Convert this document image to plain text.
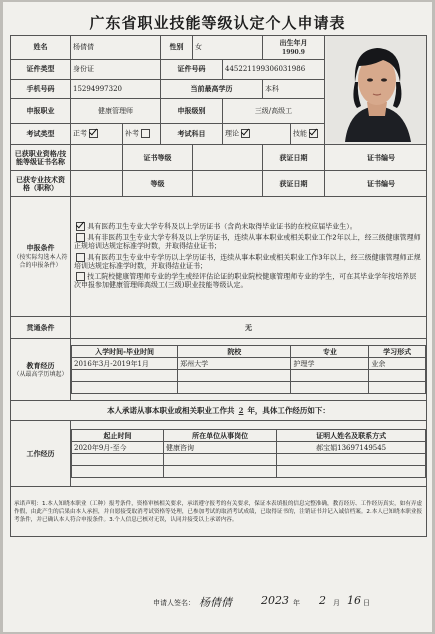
广东省职业技能等级认定个人申请表
姓名	杨倩倩	性别	女	出生年月
1990.9	
证件类型	身份证	证件号码	445221199306031986
手机号码	15294997320	当前最高学历	本科
申报职业	健康管理师	申报级别	三级/高级工
考试类型	正考	补考	考试科目	理论	技能
已获职业资格/技能等级证书名称		证书等级		获证日期	证书编号
已获专业技术资格（职称）		等级		获证日期	证书编号
申报条件
（按实际勾选本人符合的申报条件）	

具有医药卫生专业大学专科及以上学历证书（含尚未取得毕业证书的在校应届毕业生）。

具有非医药卫生专业大学专科及以上学历证书，连续从事本职业或相关职业工作2年以上，经三级健康管理师正规培训达规定标准学时数，并取得结业证书；

具有医药卫生专业中专学历以上学历证书，连续从事本职业或相关职业工作3年以上，经三级健康管理师正规培训达规定标准学时数，并取得结业证书；

技工院校健康管理师专业的学生或经评估论证的职业院校健康管理师专业的学生，可在其毕业学年按培养层次申报参加健康管理师高级工(三级)职业技能等级认定。

贯通条件	无
教育经历
（从最高学历填起）	
入学时间-毕业时间	院校	专业	学习形式
2016年3月-2019年1月	郑州大学	护理学	业余

本人承诺从事本职业或相关职业工作共 2 年，具体工作经历如下：
工作经历	
起止时间	所在单位从事岗位	证明人姓名及联系方式
2020年9月-至今	健康咨询	郝宝娟13697149545

承诺声明：1.本人知晓本职业（工种）报考条件，资格审核相关要求，承诺遵守报考的有关要求，保证本表填报的信息完整准确，教育经历、工作经历真实，如有弄虚作假，由此产生的后果由本人承担，并自愿接受取消考试资格等处理，已参加考试的取消考试成绩，已取得证书的，注销证书并记入诚信档案。2.本人已知晓本职业报考条件，并已确认本人符合申报条件。3.个人信息已核对无误，认同并接受以上承诺内容。
申请人签名： 杨倩倩	2023 年 2 月 16 日
